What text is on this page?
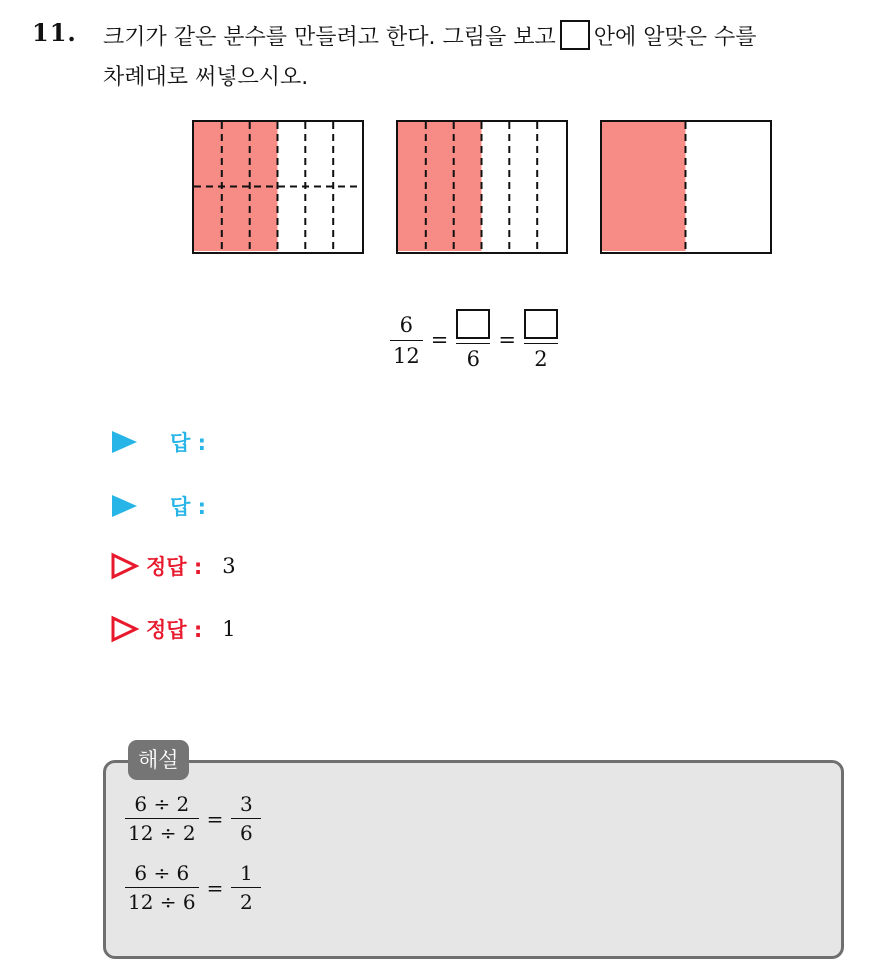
11. 크기가 같은 분수를 만들려고 한다. 그림을 보고 안에 알맞은 수를
차례대로 써넣으시오.
$\frac{6}{12}$ =
6
=
2
답 :
답 :
정답 : 3
정답 : 1
해설
$\frac{6 \div 2}{12 \div 2} = \frac{3}{6}$
$\frac{6 \div 6}{12 \div 6} = \frac{1}{2}$
